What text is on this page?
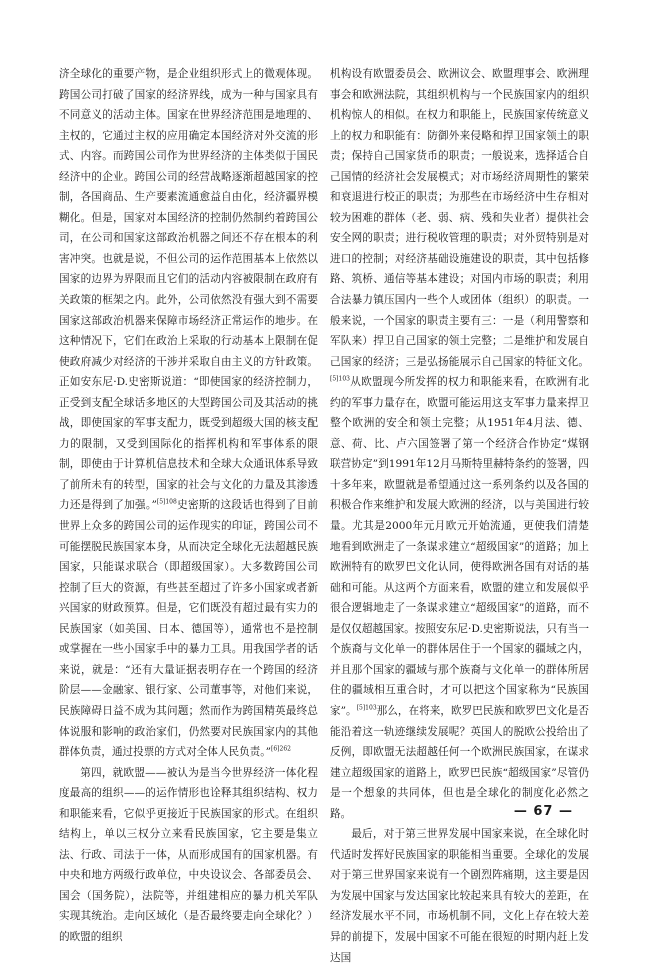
济全球化的重要产物，是企业组织形式上的微观体现。跨国公司打破了国家的经济界线，成为一种与国家具有不同意义的活动主体。国家在世界经济范围是地理的、主权的，它通过主权的应用确定本国经济对外交流的形式、内容。而跨国公司作为世界经济的主体类似于国民经济中的企业。跨国公司的经营战略逐渐超越国家的控制，各国商品、生产要素流通愈益自由化，经济疆界模糊化。但是，国家对本国经济的控制仍然制约着跨国公司，在公司和国家这部政治机器之间还不存在根本的利害冲突。也就是说，不但公司的运作范围基本上依然以国家的边界为界限而且它们的活动内容被限制在政府有关政策的框架之内。此外，公司依然没有强大到不需要国家这部政治机器来保障市场经济正常运作的地步。在这种情况下，它们在政治上采取的行动基本上限制在促使政府减少对经济的干涉并采取自由主义的方针政策。正如安东尼·D.史密斯说道：“即使国家的经济控制力，正受到支配全球话多地区的大型跨国公司及其活动的挑战，即使国家的军事支配力，既受到超级大国的核支配力的限制，又受到国际化的指挥机构和军事体系的限制，即使由于计算机信息技术和全球大众通讯体系导致了前所未有的转型，国家的社会与文化的力量及其渗透力还是得到了加强。”$^{[5]108}$史密斯的这段话也得到了目前世界上众多的跨国公司的运作现实的印证，跨国公司不可能摆脱民族国家本身，从而决定全球化无法超越民族国家，只能谋求联合（即超级国家）。大多数跨国公司控制了巨大的资源，有些甚至超过了许多小国家或者新兴国家的财政预算。但是，它们既没有超过最有实力的民族国家（如美国、日本、德国等），通常也不是控制或掌握在一些小国家手中的暴力工具。用我国学者的话来说，就是：“还有大量证据表明存在一个跨国的经济阶层——金融家、银行家、公司董事等，对他们来说，民族障碍日益不成为其问题；然而作为跨国精英最终总体说服和影响的政治家们，仍然要对民族国家内的其他群体负责，通过投票的方式对全体人民负责。”$^{[6]262}$

第四，就欧盟——被认为是当今世界经济一体化程度最高的组织——的运作情形也诠释其组织结构、权力和职能来看，它似乎更接近于民族国家的形式。在组织结构上，单以三权分立来看民族国家，它主要是集立法、行政、司法于一体，从而形成国有的国家机器。有中央和地方两级行政单位，中央设议会、各部委员会、国会（国务院），法院等，并组建相应的暴力机关军队实现其统治。走向区域化（是否最终要走向全球化？）的欧盟的组织

机构设有欧盟委员会、欧洲议会、欧盟理事会、欧洲理事会和欧洲法院，其组织机构与一个民族国家内的组织机构惊人的相似。在权力和职能上，民族国家传统意义上的权力和职能有：防御外来侵略和捍卫国家领土的职责；保持自己国家货币的职责；一般说来，选择适合自己国情的经济社会发展模式；对市场经济周期性的繁荣和衰退进行校正的职责；为那些在市场经济中生存相对较为困难的群体（老、弱、病、残和失业者）提供社会安全网的职责；进行税收管理的职责；对外贸特别是对进口的控制；对经济基础设施建设的职责，其中包括修路、筑桥、通信等基本建设；对国内市场的职责；利用合法暴力镇压国内一些个人或团体（组织）的职责。一般来说，一个国家的职责主要有三：一是（利用警察和军队来）捍卫自己国家的领土完整；二是维护和发展自己国家的经济；三是弘扬能展示自己国家的特征文化。$^{[5]103}$从欧盟现今所发挥的权力和职能来看，在欧洲有北约的军事力量存在，欧盟可能运用这支军事力量来捍卫整个欧洲的安全和领土完整；从1951年4月法、德、意、荷、比、卢六国签署了第一个经济合作协定“煤钢联营协定”到1991年12月马斯特里赫特条约的签署，四十多年来，欧盟就是希望通过这一系列条约以及各国的积极合作来维护和发展大欧洲的经济，以与美国进行较量。尤其是2000年元月欧元开始流通，更使我们清楚地看到欧洲走了一条谋求建立“超级国家”的道路；加上欧洲特有的欧罗巴文化认同，使得欧洲各国有对话的基础和可能。从这两个方面来看，欧盟的建立和发展似乎很合逻辑地走了一条谋求建立“超级国家”的道路，而不是仅仅超越国家。按照安东尼·D.史密斯说法，只有当一个族裔与文化单一的群体居住于一个国家的疆域之内，并且那个国家的疆域与那个族裔与文化单一的群体所居住的疆域相互重合时，才可以把这个国家称为“民族国家”。$^{[5]103}$那么，在将来，欧罗巴民族和欧罗巴文化是否能沿着这一轨迹继续发展呢？英国人的脱欧公投给出了反例，即欧盟无法超越任何一个欧洲民族国家，在谋求建立超级国家的道路上，欧罗巴民族“超级国家”尽管仍是一个想象的共同体，但也是全球化的制度化必然之路。

最后，对于第三世界发展中国家来说，在全球化时代适时发挥好民族国家的职能相当重要。全球化的发展对于第三世界国家来说有一个剧烈阵痛期，这主要是因为发展中国家与发达国家比较起来具有较大的差距，在经济发展水平不同，市场机制不同，文化上存在较大差异的前提下，发展中国家不可能在很短的时期内赶上发达国

— 67 —
